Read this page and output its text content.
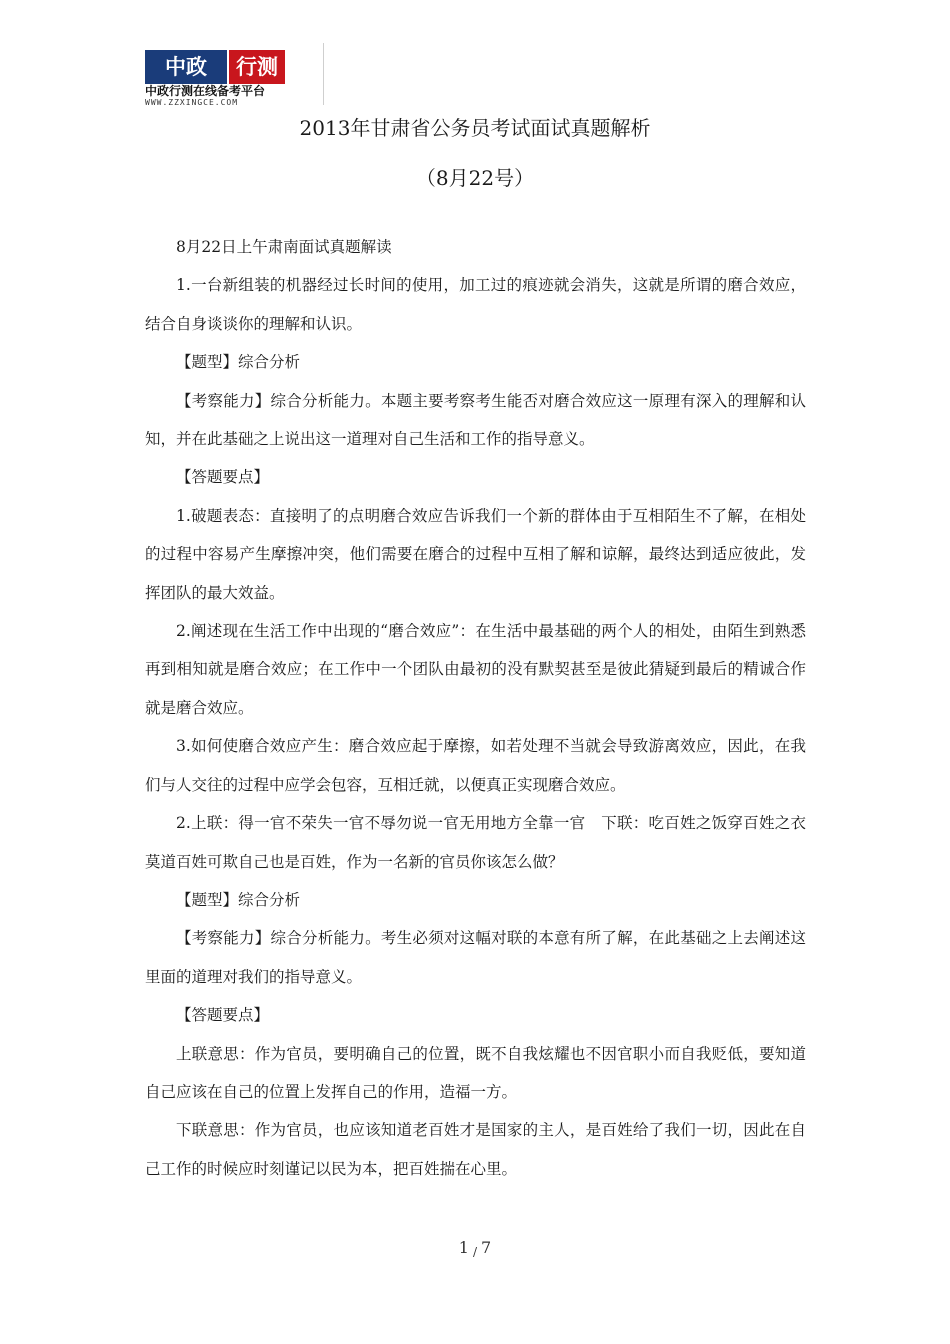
中政	行测
中政行测在线备考平台
WWW.ZZXINGCE.COM
2013年甘肃省公务员考试面试真题解析
（8月22号）

8月22日上午肃南面试真题解读

1.一台新组装的机器经过长时间的使用，加工过的痕迹就会消失，这就是所谓的磨合效应，结合自身谈谈你的理解和认识。

【题型】综合分析

【考察能力】综合分析能力。本题主要考察考生能否对磨合效应这一原理有深入的理解和认知，并在此基础之上说出这一道理对自己生活和工作的指导意义。

【答题要点】

1.破题表态：直接明了的点明磨合效应告诉我们一个新的群体由于互相陌生不了解，在相处的过程中容易产生摩擦冲突，他们需要在磨合的过程中互相了解和谅解，最终达到适应彼此，发挥团队的最大效益。

2.阐述现在生活工作中出现的“磨合效应”：在生活中最基础的两个人的相处，由陌生到熟悉再到相知就是磨合效应；在工作中一个团队由最初的没有默契甚至是彼此猜疑到最后的精诚合作就是磨合效应。

3.如何使磨合效应产生：磨合效应起于摩擦，如若处理不当就会导致游离效应，因此，在我们与人交往的过程中应学会包容，互相迁就，以便真正实现磨合效应。

2.上联：得一官不荣失一官不辱勿说一官无用地方全靠一官　下联：吃百姓之饭穿百姓之衣莫道百姓可欺自己也是百姓，作为一名新的官员你该怎么做？

【题型】综合分析

【考察能力】综合分析能力。考生必须对这幅对联的本意有所了解，在此基础之上去阐述这里面的道理对我们的指导意义。

【答题要点】

上联意思：作为官员，要明确自己的位置，既不自我炫耀也不因官职小而自我贬低，要知道自己应该在自己的位置上发挥自己的作用，造福一方。

下联意思：作为官员，也应该知道老百姓才是国家的主人，是百姓给了我们一切，因此在自己工作的时候应时刻谨记以民为本，把百姓揣在心里。

1 / 7
